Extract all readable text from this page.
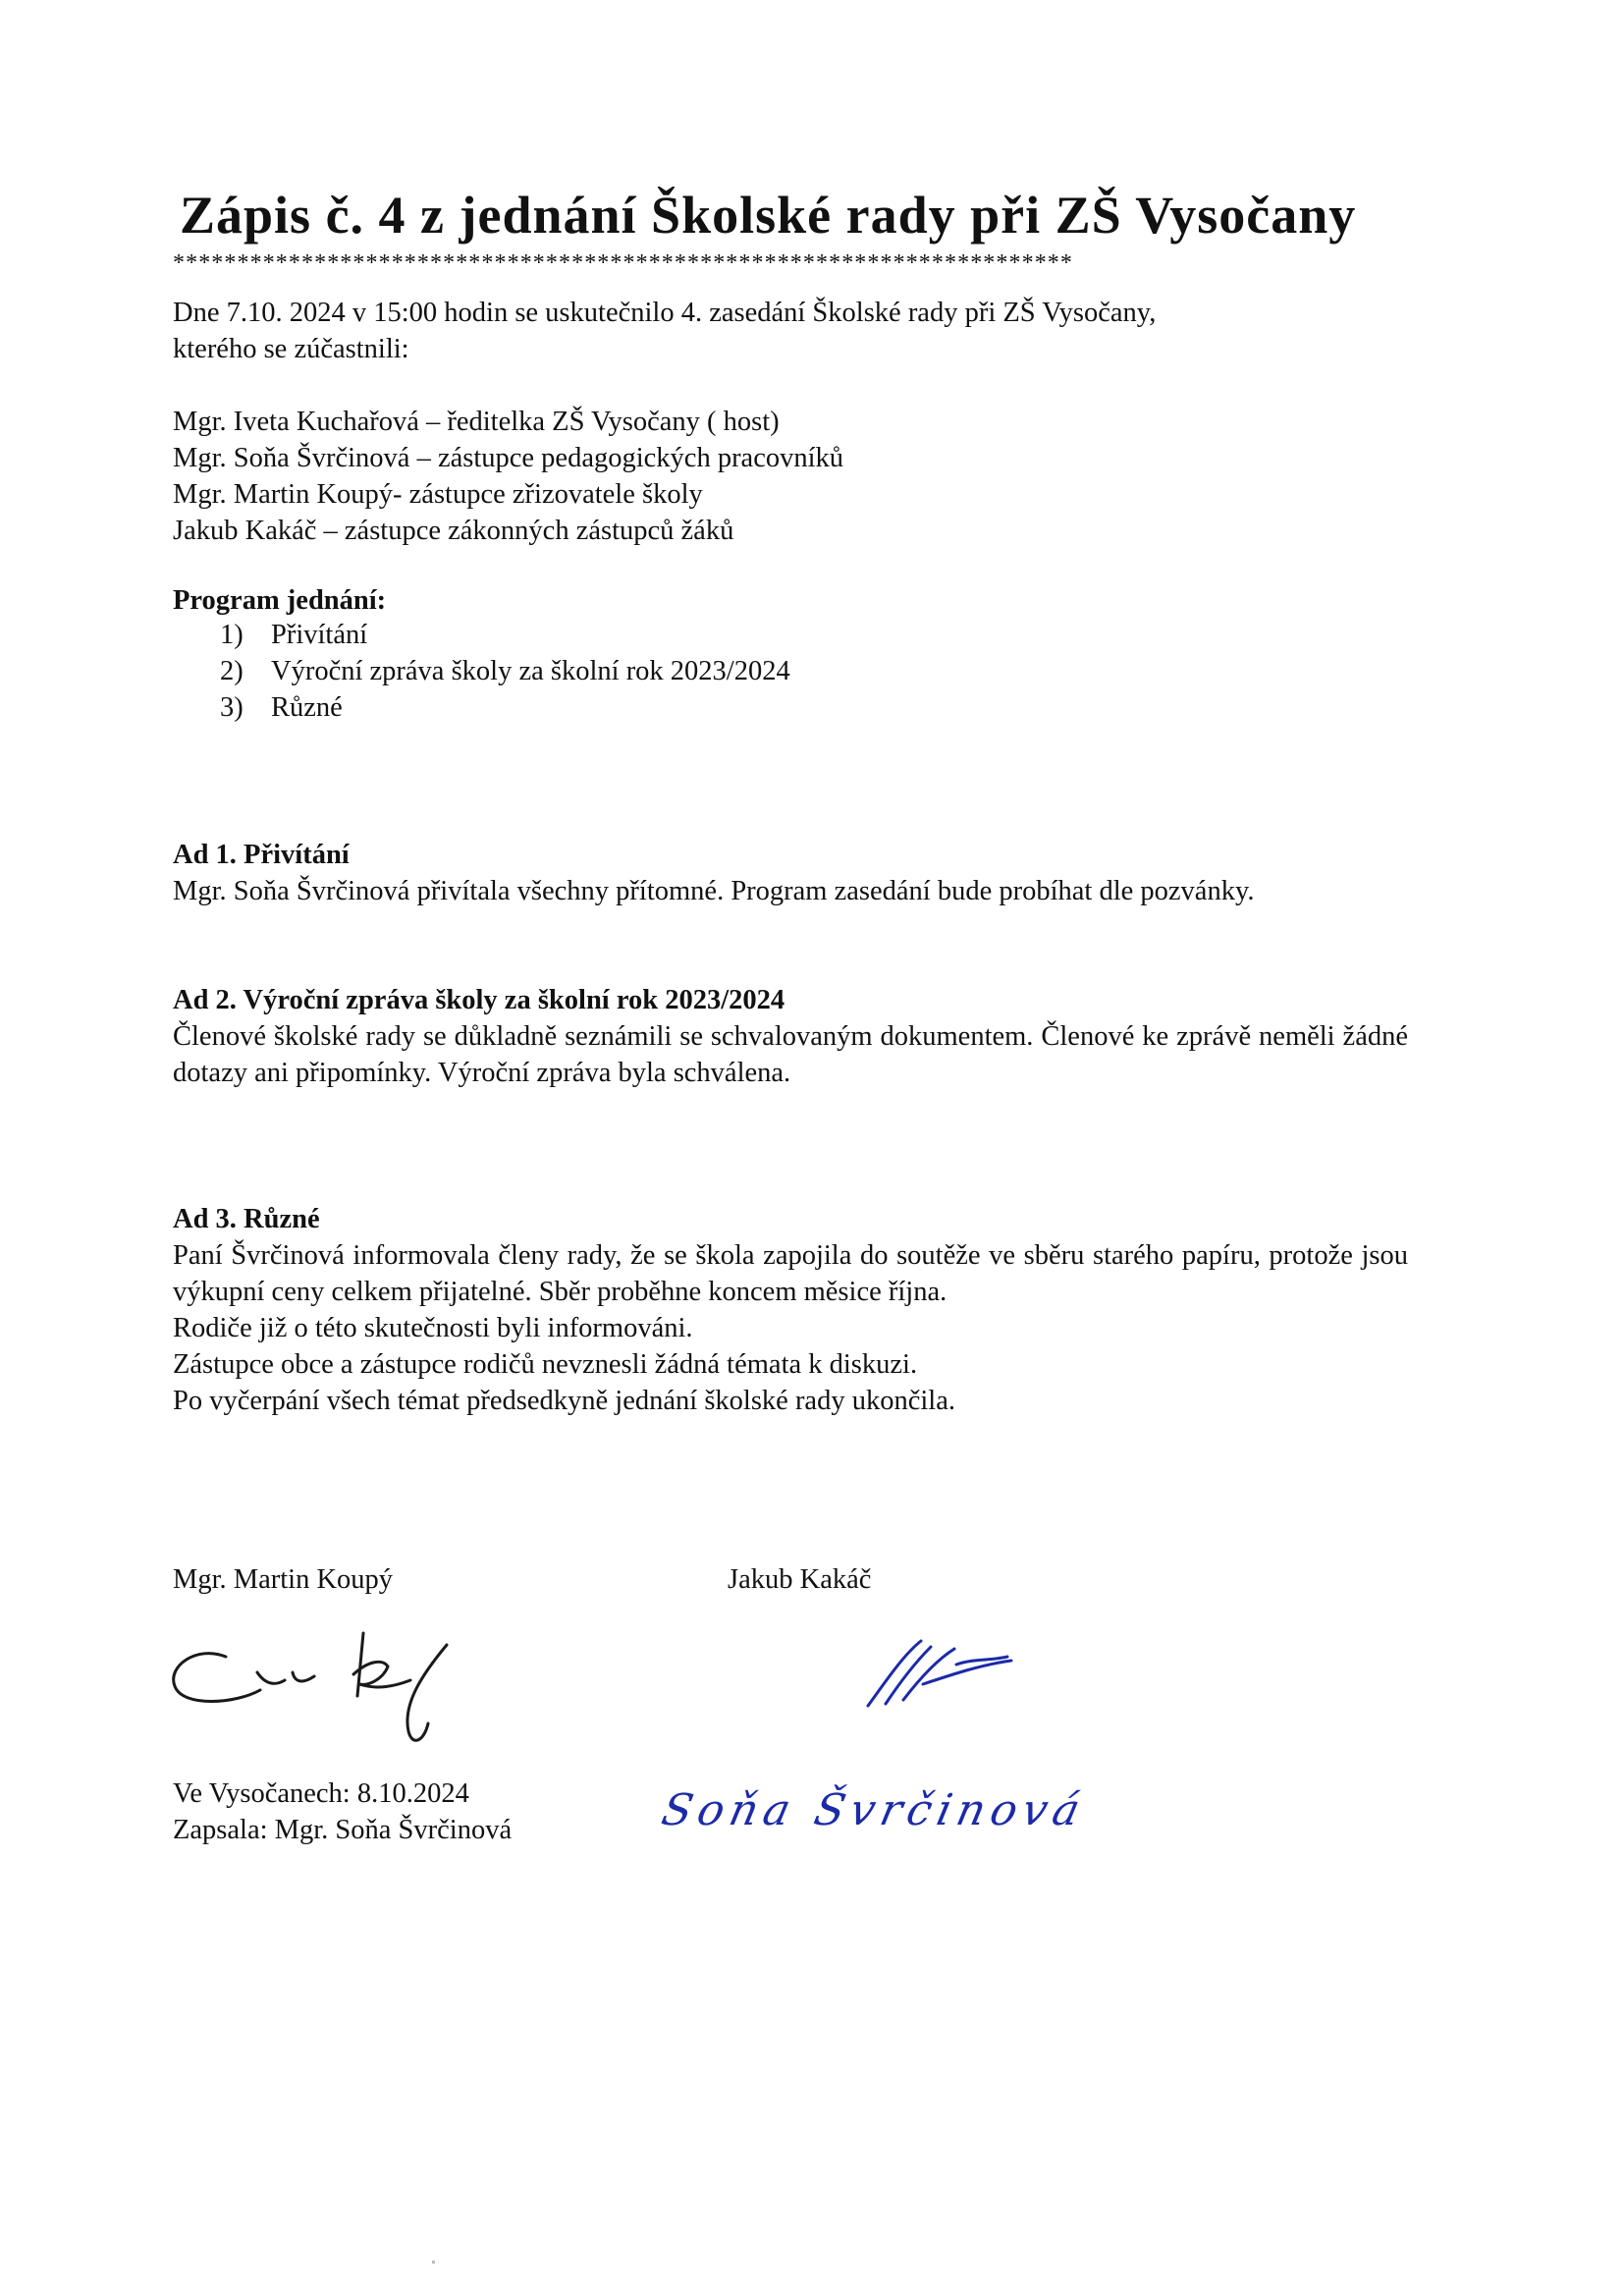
Zápis č. 4 z jednání Školské rady při ZŠ Vysočany
**********************************************************************
Dne 7.10. 2024 v 15:00 hodin se uskutečnilo 4. zasedání Školské rady při ZŠ Vysočany,
kterého se zúčastnili:
Mgr. Iveta Kuchařová – ředitelka ZŠ Vysočany ( host)
Mgr. Soňa Švrčinová – zástupce pedagogických pracovníků
Mgr. Martin Koupý- zástupce zřizovatele školy
Jakub Kakáč – zástupce zákonných zástupců žáků
Program jednání:
1) Přivítání
2) Výroční zpráva školy za školní rok 2023/2024
3) Různé
Ad 1. Přivítání
Mgr. Soňa Švrčinová přivítala všechny přítomné. Program zasedání bude probíhat dle pozvánky.
Ad 2. Výroční zpráva školy za školní rok 2023/2024
Členové školské rady se důkladně seznámili se schvalovaným dokumentem. Členové ke zprávě neměli žádné dotazy ani připomínky. Výroční zpráva byla schválena.
Ad 3. Různé
Paní Švrčinová informovala členy rady, že se škola zapojila do soutěže ve sběru starého papíru, protože jsou výkupní ceny celkem přijatelné. Sběr proběhne koncem měsice října.
Rodiče již o této skutečnosti byli informováni.
Zástupce obce a zástupce rodičů nevznesli žádná témata k diskuzi.
Po vyčerpání všech témat předsedkyně jednání školské rady ukončila.
Mgr. Martin Koupý	Jakub Kakáč
Soňa Švrčinová
Ve Vysočanech: 8.10.2024
Zapsala: Mgr. Soňa Švrčinová
